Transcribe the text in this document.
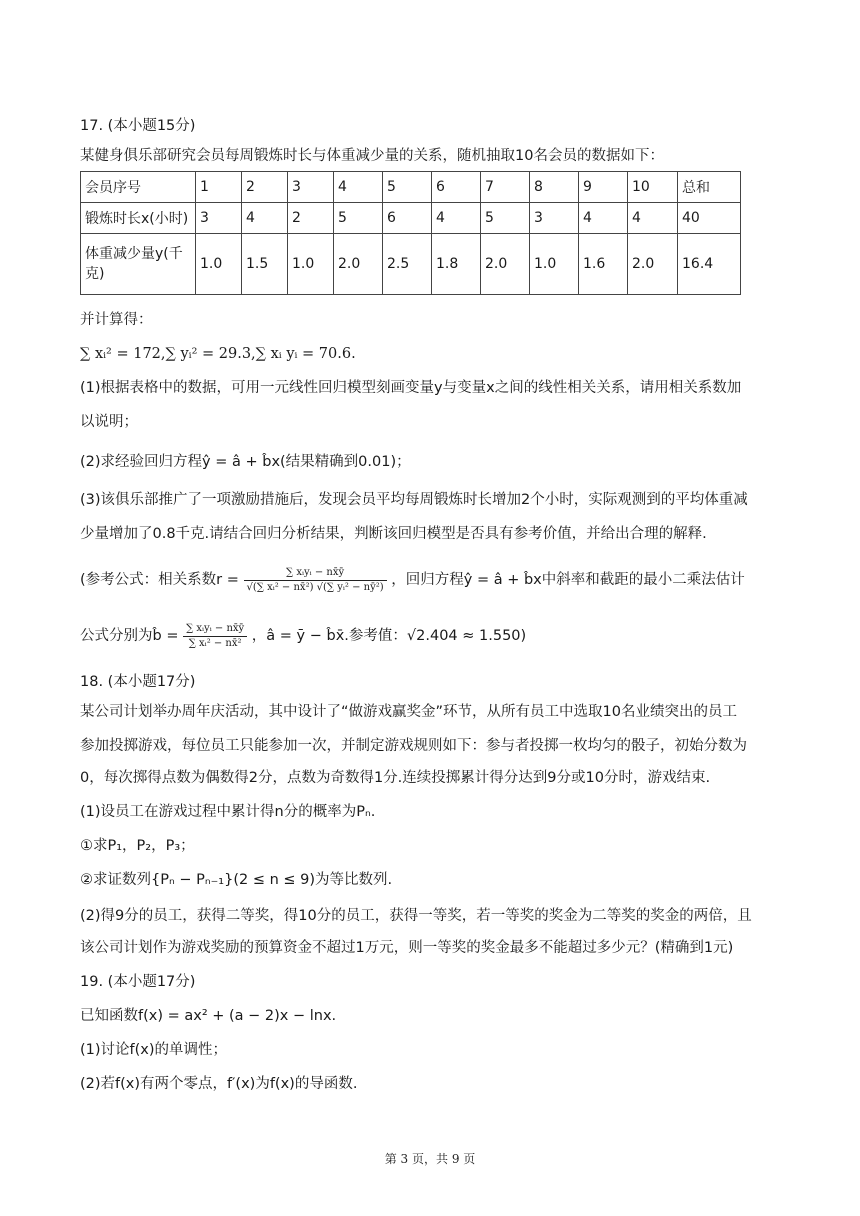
17. (本小题15分)
某健身俱乐部研究会员每周锻炼时长与体重减少量的关系，随机抽取10名会员的数据如下：
会员序号	1	2	3	4	5	6	7	8	9	10	总和
锻炼时长x(小时)	3	4	2	5	6	4	5	3	4	4	40
体重减少量y(千克)	1.0	1.5	1.0	2.0	2.5	1.8	2.0	1.0	1.6	2.0	16.4
并计算得：
∑ xᵢ² = 172,∑ yᵢ² = 29.3,∑ xᵢ yᵢ = 70.6.
(1)根据表格中的数据，可用一元线性回归模型刻画变量y与变量x之间的线性相关关系，请用相关系数加
以说明；
(2)求经验回归方程ŷ = â + b̂x(结果精确到0.01)；
(3)该俱乐部推广了一项激励措施后，发现会员平均每周锻炼时长增加2个小时，实际观测到的平均体重减
少量增加了0.8千克.请结合回归分析结果，判断该回归模型是否具有参考价值，并给出合理的解释.
(参考公式：相关系数$r = \frac{\text{∑ xᵢyᵢ − nx̄ȳ}}{\text{√(∑ xᵢ² − nx̄²) √(∑ yᵢ² − nȳ²)}}$ ，回归方程ŷ = â + b̂x中斜率和截距的最小二乘法估计
公式分别为b̂ = $\frac{\text{∑ xᵢyᵢ − nx̄ȳ}}{\text{∑ xᵢ² − nx̄²}}$ ，â = ȳ − b̂x̄.参考值：√2.404 ≈ 1.550)
18. (本小题17分)
某公司计划举办周年庆活动，其中设计了“做游戏赢奖金”环节，从所有员工中选取10名业绩突出的员工
参加投掷游戏，每位员工只能参加一次，并制定游戏规则如下：参与者投掷一枚均匀的骰子，初始分数为
0，每次掷得点数为偶数得2分，点数为奇数得1分.连续投掷累计得分达到9分或10分时，游戏结束.
(1)设员工在游戏过程中累计得n分的概率为Pₙ.
①求P₁，P₂，P₃；
②求证数列{Pₙ − Pₙ₋₁}(2 ≤ n ≤ 9)为等比数列.
(2)得9分的员工，获得二等奖，得10分的员工，获得一等奖，若一等奖的奖金为二等奖的奖金的两倍，且
该公司计划作为游戏奖励的预算资金不超过1万元，则一等奖的奖金最多不能超过多少元？(精确到1元)
19. (本小题17分)
已知函数f(x) = ax² + (a − 2)x − lnx.
(1)讨论f(x)的单调性；
(2)若f(x)有两个零点，f′(x)为f(x)的导函数.
第 3 页，共 9 页
